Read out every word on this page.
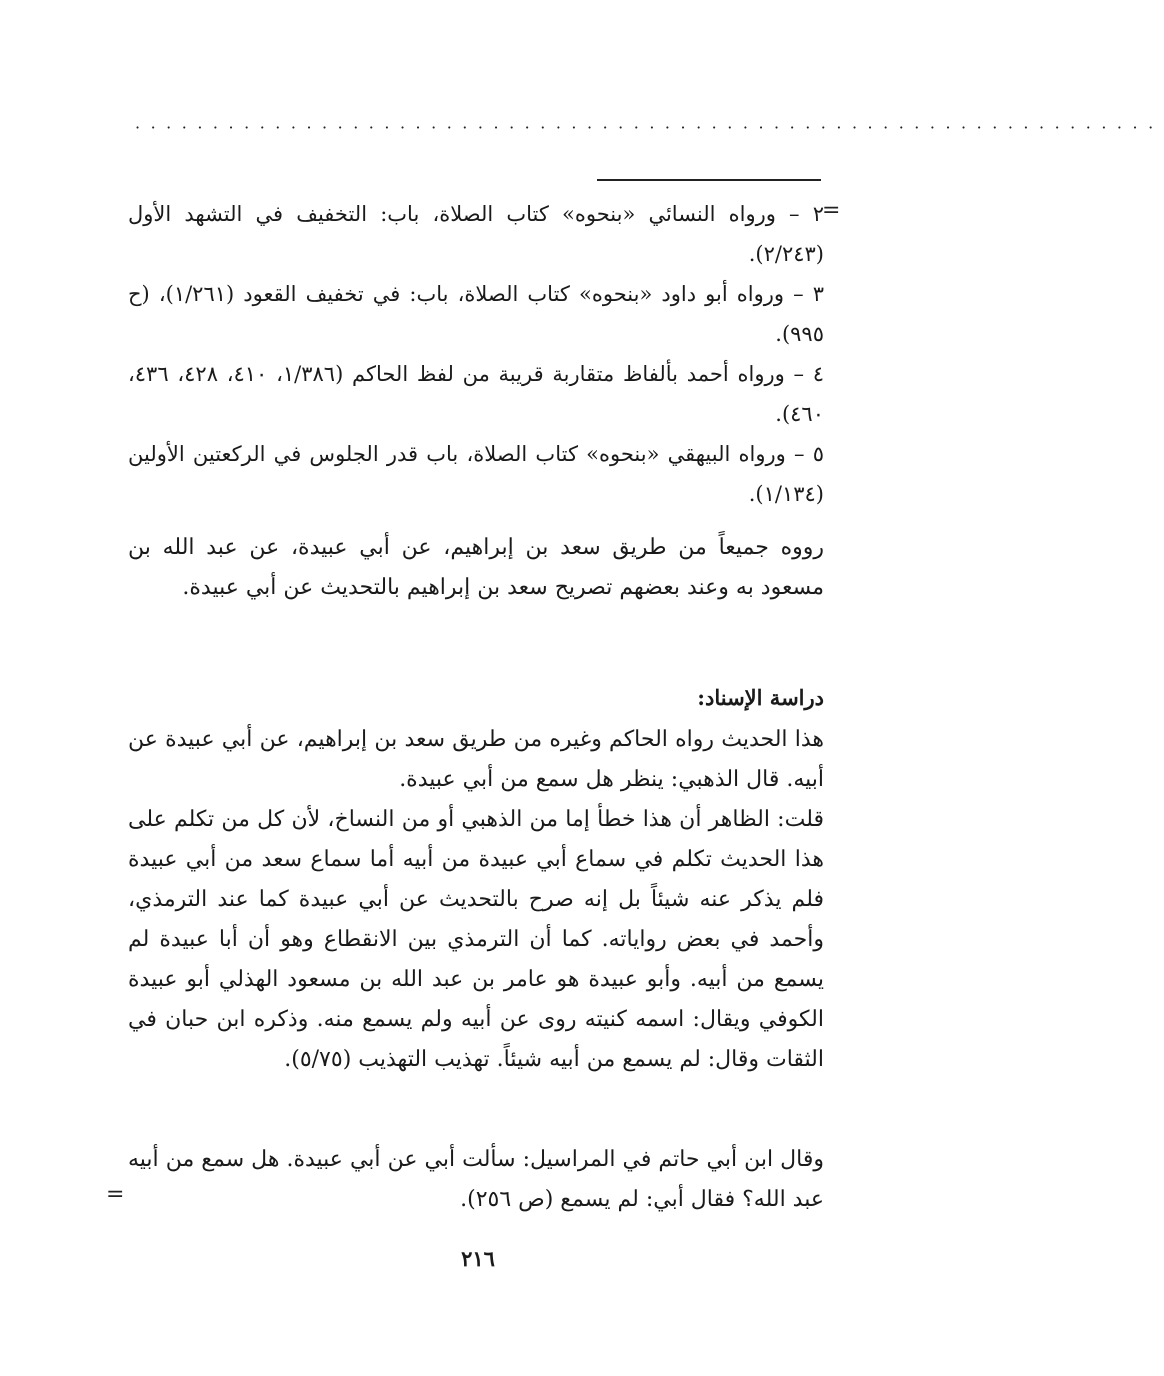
··································································
=

٢ – ورواه النسائي «بنحوه» كتاب الصلاة، باب: التخفيف في التشهد الأول (٢/٢٤٣).

٣ – ورواه أبو داود «بنحوه» كتاب الصلاة، باب: في تخفيف القعود (١/٢٦١)، (ح ٩٩٥).

٤ – ورواه أحمد بألفاظ متقاربة قريبة من لفظ الحاكم (١/٣٨٦، ٤١٠، ٤٢٨، ٤٣٦، ٤٦٠).

٥ – ورواه البيهقي «بنحوه» كتاب الصلاة، باب قدر الجلوس في الركعتين الأولين (١/١٣٤).

رووه جميعاً من طريق سعد بن إبراهيم، عن أبي عبيدة، عن عبد الله بن مسعود به وعند بعضهم تصريح سعد بن إبراهيم بالتحديث عن أبي عبيدة.

دراسة الإسناد:

هذا الحديث رواه الحاكم وغيره من طريق سعد بن إبراهيم، عن أبي عبيدة عن أبيه. قال الذهبي: ينظر هل سمع من أبي عبيدة.

قلت: الظاهر أن هذا خطأ إما من الذهبي أو من النساخ، لأن كل من تكلم على هذا الحديث تكلم في سماع أبي عبيدة من أبيه أما سماع سعد من أبي عبيدة فلم يذكر عنه شيئاً بل إنه صرح بالتحديث عن أبي عبيدة كما عند الترمذي، وأحمد في بعض رواياته. كما أن الترمذي بين الانقطاع وهو أن أبا عبيدة لم يسمع من أبيه. وأبو عبيدة هو عامر بن عبد الله بن مسعود الهذلي أبو عبيدة الكوفي ويقال: اسمه كنيته روى عن أبيه ولم يسمع منه. وذكره ابن حبان في الثقات وقال: لم يسمع من أبيه شيئاً. تهذيب التهذيب (٥/٧٥).

وقال ابن أبي حاتم في المراسيل: سألت أبي عن أبي عبيدة. هل سمع من أبيه عبد الله؟ فقال أبي: لم يسمع (ص ٢٥٦).

=
٢١٦
